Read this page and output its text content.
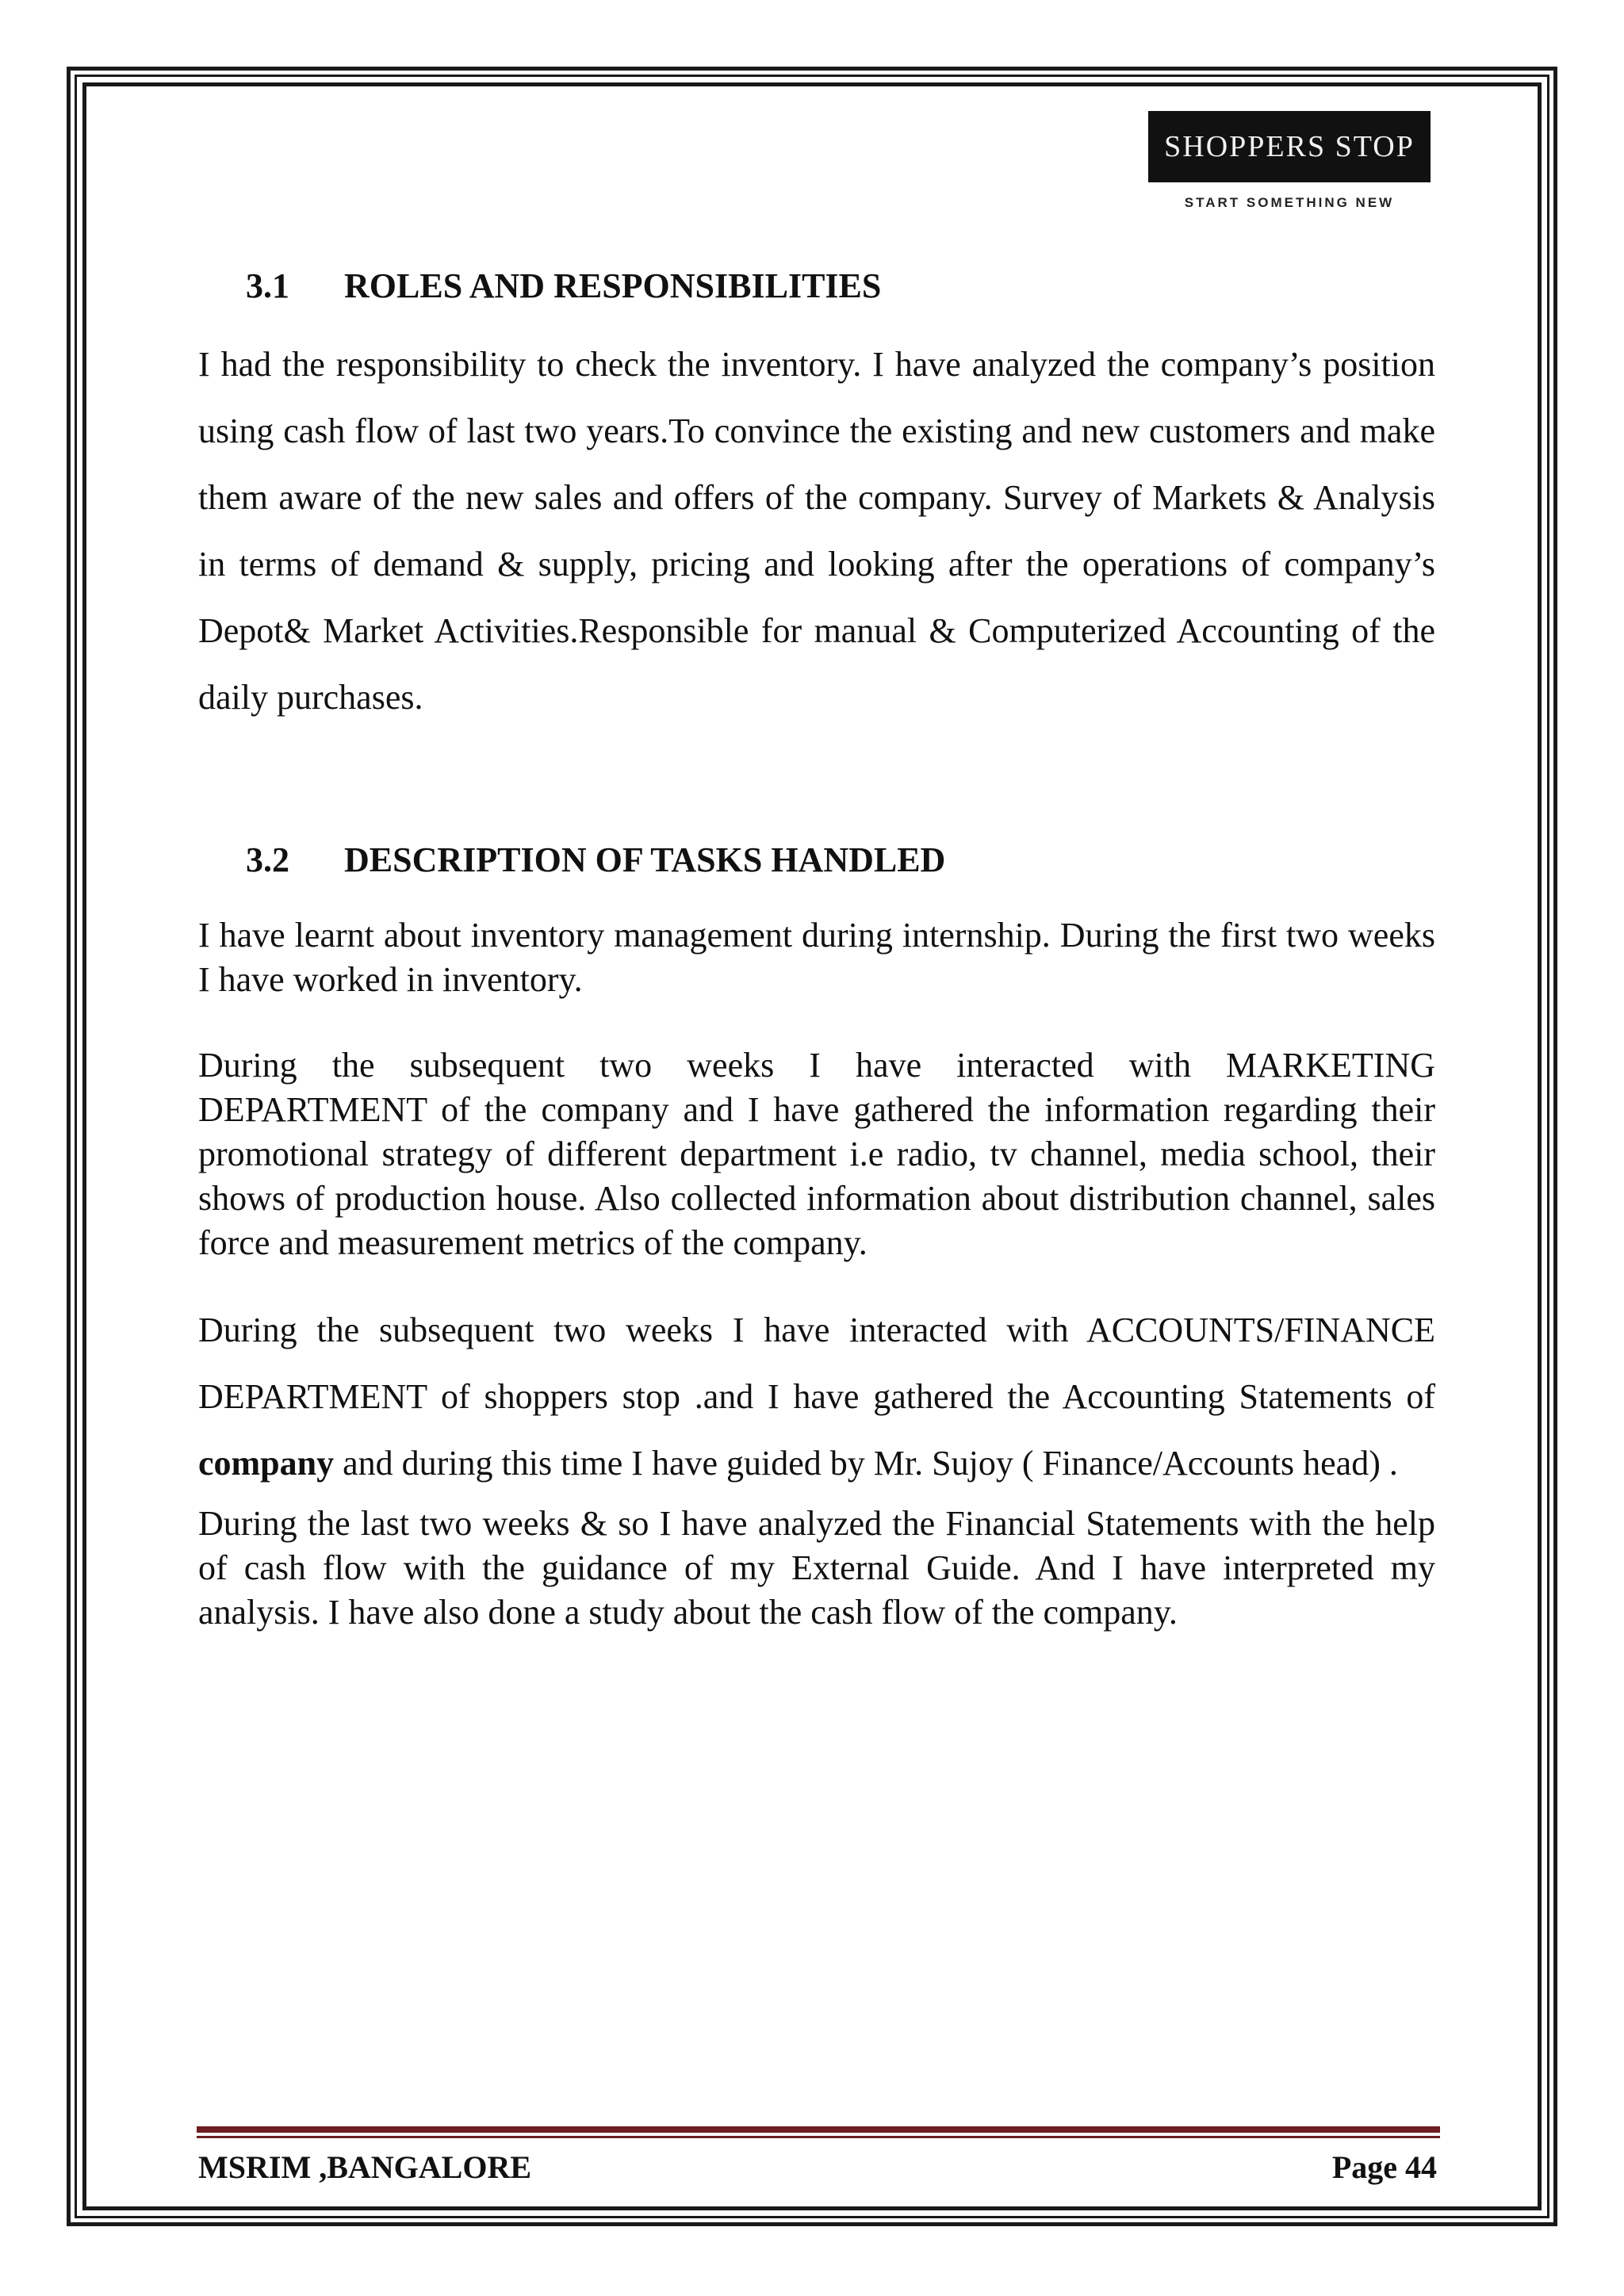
SHOPPERS STOP
START SOMETHING NEW
3.1	ROLES AND RESPONSIBILITIES

I had the responsibility to check the inventory. I have analyzed the company’s position using cash flow of last two years.To convince the existing and new customers and make them aware of the new sales and offers of the company. Survey of Markets & Analysis in terms of demand & supply, pricing and looking after the operations of company’s Depot& Market Activities.Responsible for manual & Computerized Accounting of the daily purchases.

3.2	DESCRIPTION OF TASKS HANDLED

I have learnt about inventory management during internship. During the first two weeks I have worked in inventory.

During the subsequent two weeks I have interacted with MARKETING DEPARTMENT of the company and I have gathered the information regarding their promotional strategy of different department i.e radio, tv channel, media school, their shows of production house. Also collected information about distribution channel, sales force and measurement metrics of the company.

During the subsequent two weeks I have interacted with ACCOUNTS/FINANCE DEPARTMENT of shoppers stop .and I have gathered the Accounting Statements of company and during this time I have guided by Mr. Sujoy ( Finance/Accounts head) .

During the last two weeks & so I have analyzed the Financial Statements with the help of cash flow with the guidance of my External Guide. And I have interpreted my analysis. I have also done a study about the cash flow of the company.

MSRIM ,BANGALORE	Page 44
